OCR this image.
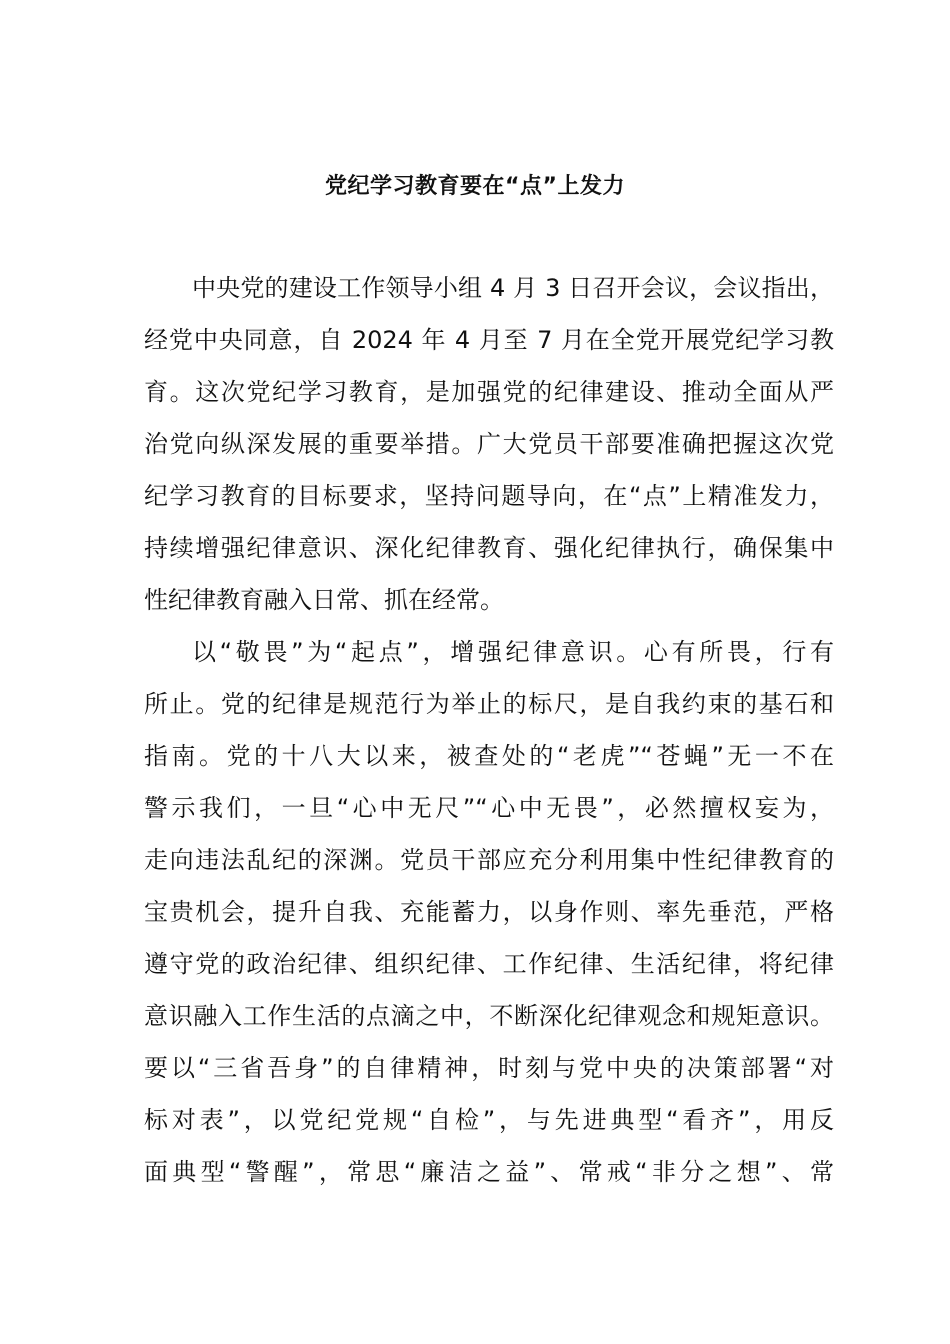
党纪学习教育要在“点”上发力
中央党的建设工作领导小组 4 月 3 日召开会议，会议指出，
经党中央同意，自 2024 年 4 月至 7 月在全党开展党纪学习教
育。这次党纪学习教育，是加强党的纪律建设、推动全面从严
治党向纵深发展的重要举措。广大党员干部要准确把握这次党
纪学习教育的目标要求，坚持问题导向，在“点”上精准发力，
持续增强纪律意识、深化纪律教育、强化纪律执行，确保集中
性纪律教育融入日常、抓在经常。
以“敬畏”为“起点”，增强纪律意识。心有所畏，行有
所止。党的纪律是规范行为举止的标尺，是自我约束的基石和
指南。党的十八大以来，被查处的“老虎”“苍蝇”无一不在
警示我们，一旦“心中无尺”“心中无畏”，必然擅权妄为，
走向违法乱纪的深渊。党员干部应充分利用集中性纪律教育的
宝贵机会，提升自我、充能蓄力，以身作则、率先垂范，严格
遵守党的政治纪律、组织纪律、工作纪律、生活纪律，将纪律
意识融入工作生活的点滴之中，不断深化纪律观念和规矩意识。
要以“三省吾身”的自律精神，时刻与党中央的决策部署“对
标对表”，以党纪党规“自检”，与先进典型“看齐”，用反
面典型“警醒”，常思“廉洁之益”、常戒“非分之想”、常
